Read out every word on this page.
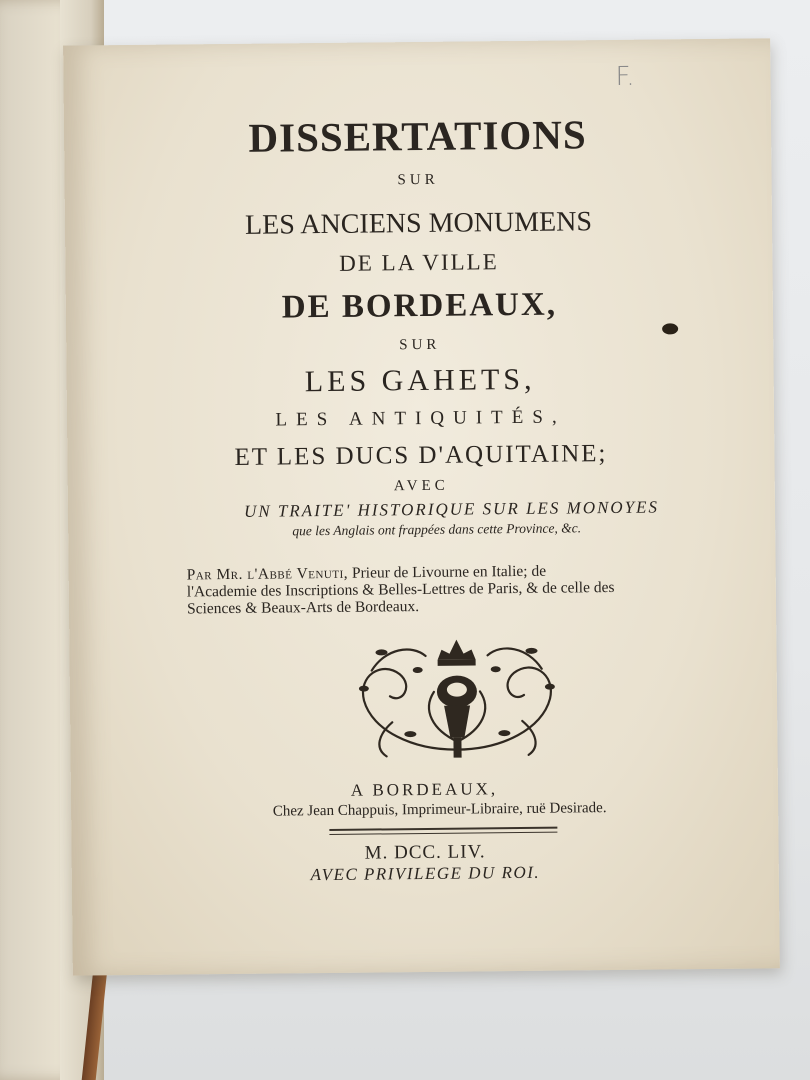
F.
DISSERTATIONS
SUR
LES ANCIENS MONUMENS
DE LA VILLE
DE BORDEAUX,
SUR
LES GAHETS,
LES ANTIQUITÉS,
ET LES DUCS D'AQUITAINE;
AVEC
UN TRAITE' HISTORIQUE SUR LES MONOYES
que les Anglais ont frappées dans cette Province, &c.
Par Mr. l'Abbé Venuti, Prieur de Livourne en Italie; de
l'Academie des Inscriptions & Belles-Lettres de Paris, & de celle des
Sciences & Beaux-Arts de Bordeaux.
A BORDEAUX,
Chez Jean Chappuis, Imprimeur-Libraire, ruë Desirade.
M. DCC. LIV.
AVEC PRIVILEGE DU ROI.
